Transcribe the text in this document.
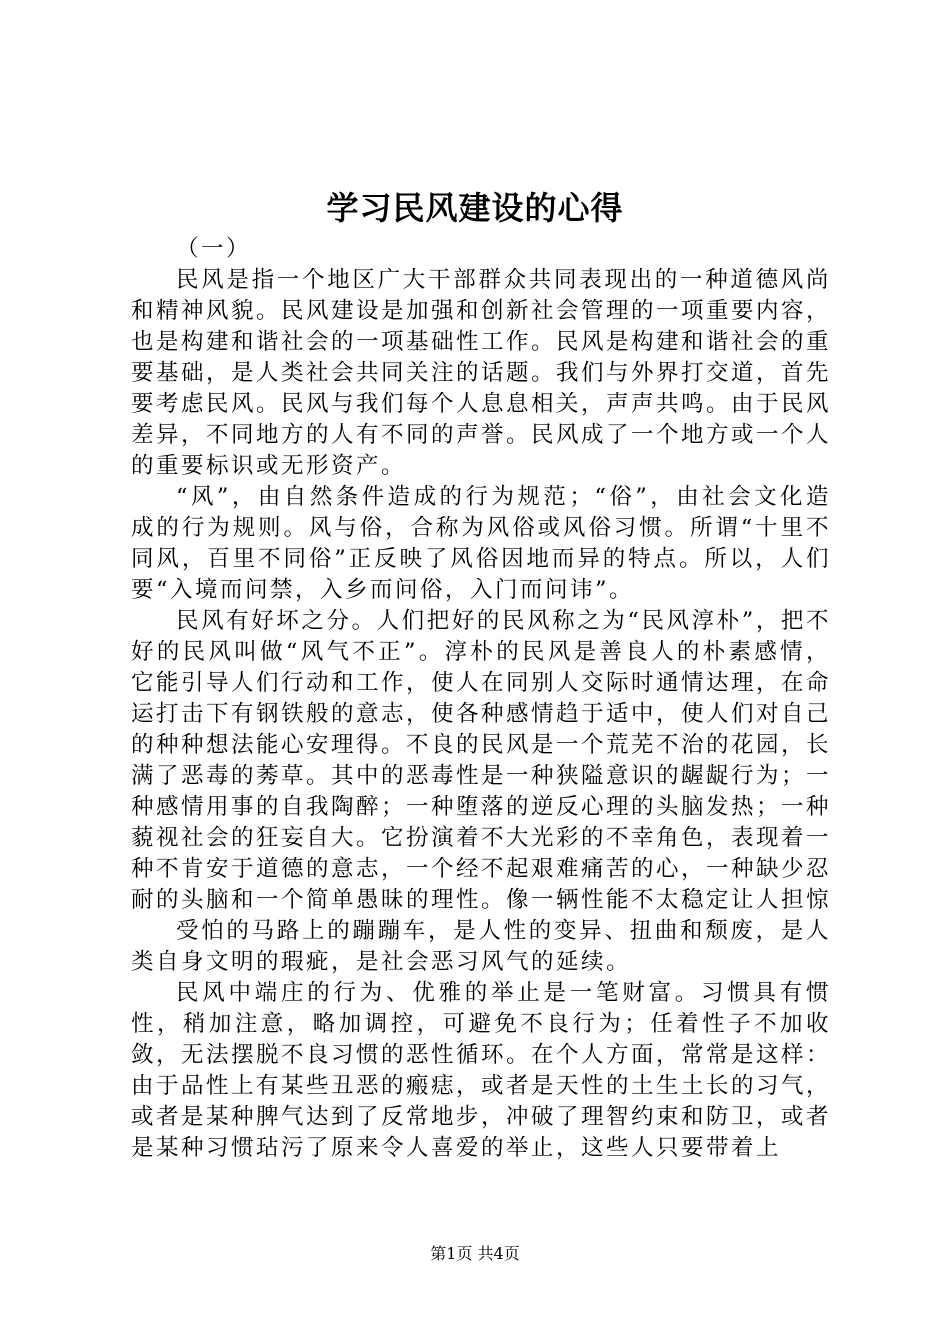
学习民风建设的心得

（一）

民风是指一个地区广大干部群众共同表现出的一种道德风尚和精神风貌。民风建设是加强和创新社会管理的一项重要内容，也是构建和谐社会的一项基础性工作。民风是构建和谐社会的重要基础，是人类社会共同关注的话题。我们与外界打交道，首先要考虑民风。民风与我们每个人息息相关，声声共鸣。由于民风差异，不同地方的人有不同的声誉。民风成了一个地方或一个人的重要标识或无形资产。

“风”，由自然条件造成的行为规范；“俗”，由社会文化造成的行为规则。风与俗，合称为风俗或风俗习惯。所谓“十里不同风，百里不同俗”正反映了风俗因地而异的特点。所以，人们要“入境而问禁，入乡而问俗，入门而问讳”。

民风有好坏之分。人们把好的民风称之为“民风淳朴”，把不好的民风叫做“风气不正”。淳朴的民风是善良人的朴素感情，它能引导人们行动和工作，使人在同别人交际时通情达理，在命运打击下有钢铁般的意志，使各种感情趋于适中，使人们对自己的种种想法能心安理得。不良的民风是一个荒芜不治的花园，长满了恶毒的莠草。其中的恶毒性是一种狭隘意识的龌龊行为；一种感情用事的自我陶醉；一种堕落的逆反心理的头脑发热；一种藐视社会的狂妄自大。它扮演着不大光彩的不幸角色，表现着一种不肯安于道德的意志，一个经不起艰难痛苦的心，一种缺少忍耐的头脑和一个简单愚昧的理性。像一辆性能不太稳定让人担惊

受怕的马路上的蹦蹦车，是人性的变异、扭曲和颓废，是人类自身文明的瑕疵，是社会恶习风气的延续。

民风中端庄的行为、优雅的举止是一笔财富。习惯具有惯性，稍加注意，略加调控，可避免不良行为；任着性子不加收敛，无法摆脱不良习惯的恶性循环。在个人方面，常常是这样：由于品性上有某些丑恶的瘢痣，或者是天性的土生土长的习气，或者是某种脾气达到了反常地步，冲破了理智约束和防卫，或者是某种习惯玷污了原来令人喜爱的举止，这些人只要带着上

第1页 共4页
